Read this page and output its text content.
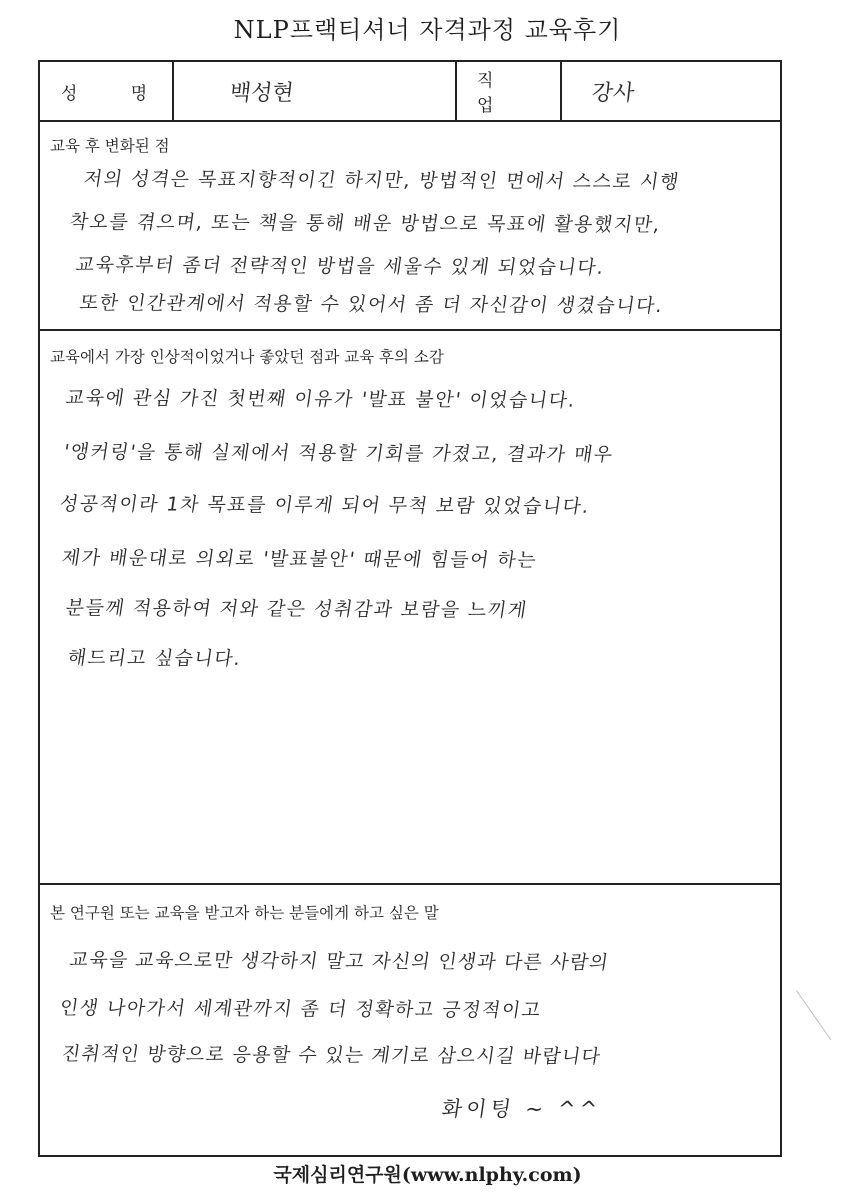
NLP프랙티셔너 자격과정 교육후기
성 명	백성현	직 업
강사
교육 후 변화된 점
저의 성격은 목표지향적이긴 하지만, 방법적인 면에서 스스로 시행
착오를 겪으며, 또는 책을 통해 배운 방법으로 목표에 활용했지만,
교육후부터 좀더 전략적인 방법을 세울수 있게 되었습니다.
또한 인간관계에서 적용할 수 있어서 좀 더 자신감이 생겼습니다.
교육에서 가장 인상적이었거나 좋았던 점과 교육 후의 소감
교육에 관심 가진 첫번째 이유가 '발표 불안' 이었습니다.
'앵커링'을 통해 실제에서 적용할 기회를 가졌고, 결과가 매우
성공적이라 1차 목표를 이루게 되어 무척 보람 있었습니다.
제가 배운대로 의외로 '발표불안' 때문에 힘들어 하는
분들께 적용하여 저와 같은 성취감과 보람을 느끼게
해드리고 싶습니다.
본 연구원 또는 교육을 받고자 하는 분들에게 하고 싶은 말
교육을 교육으로만 생각하지 말고 자신의 인생과 다른 사람의
인생 나아가서 세계관까지 좀 더 정확하고 긍정적이고
진취적인 방향으로 응용할 수 있는 계기로 삼으시길 바랍니다
화이팅 ~ ^^
국제심리연구원(www.nlphy.com)
